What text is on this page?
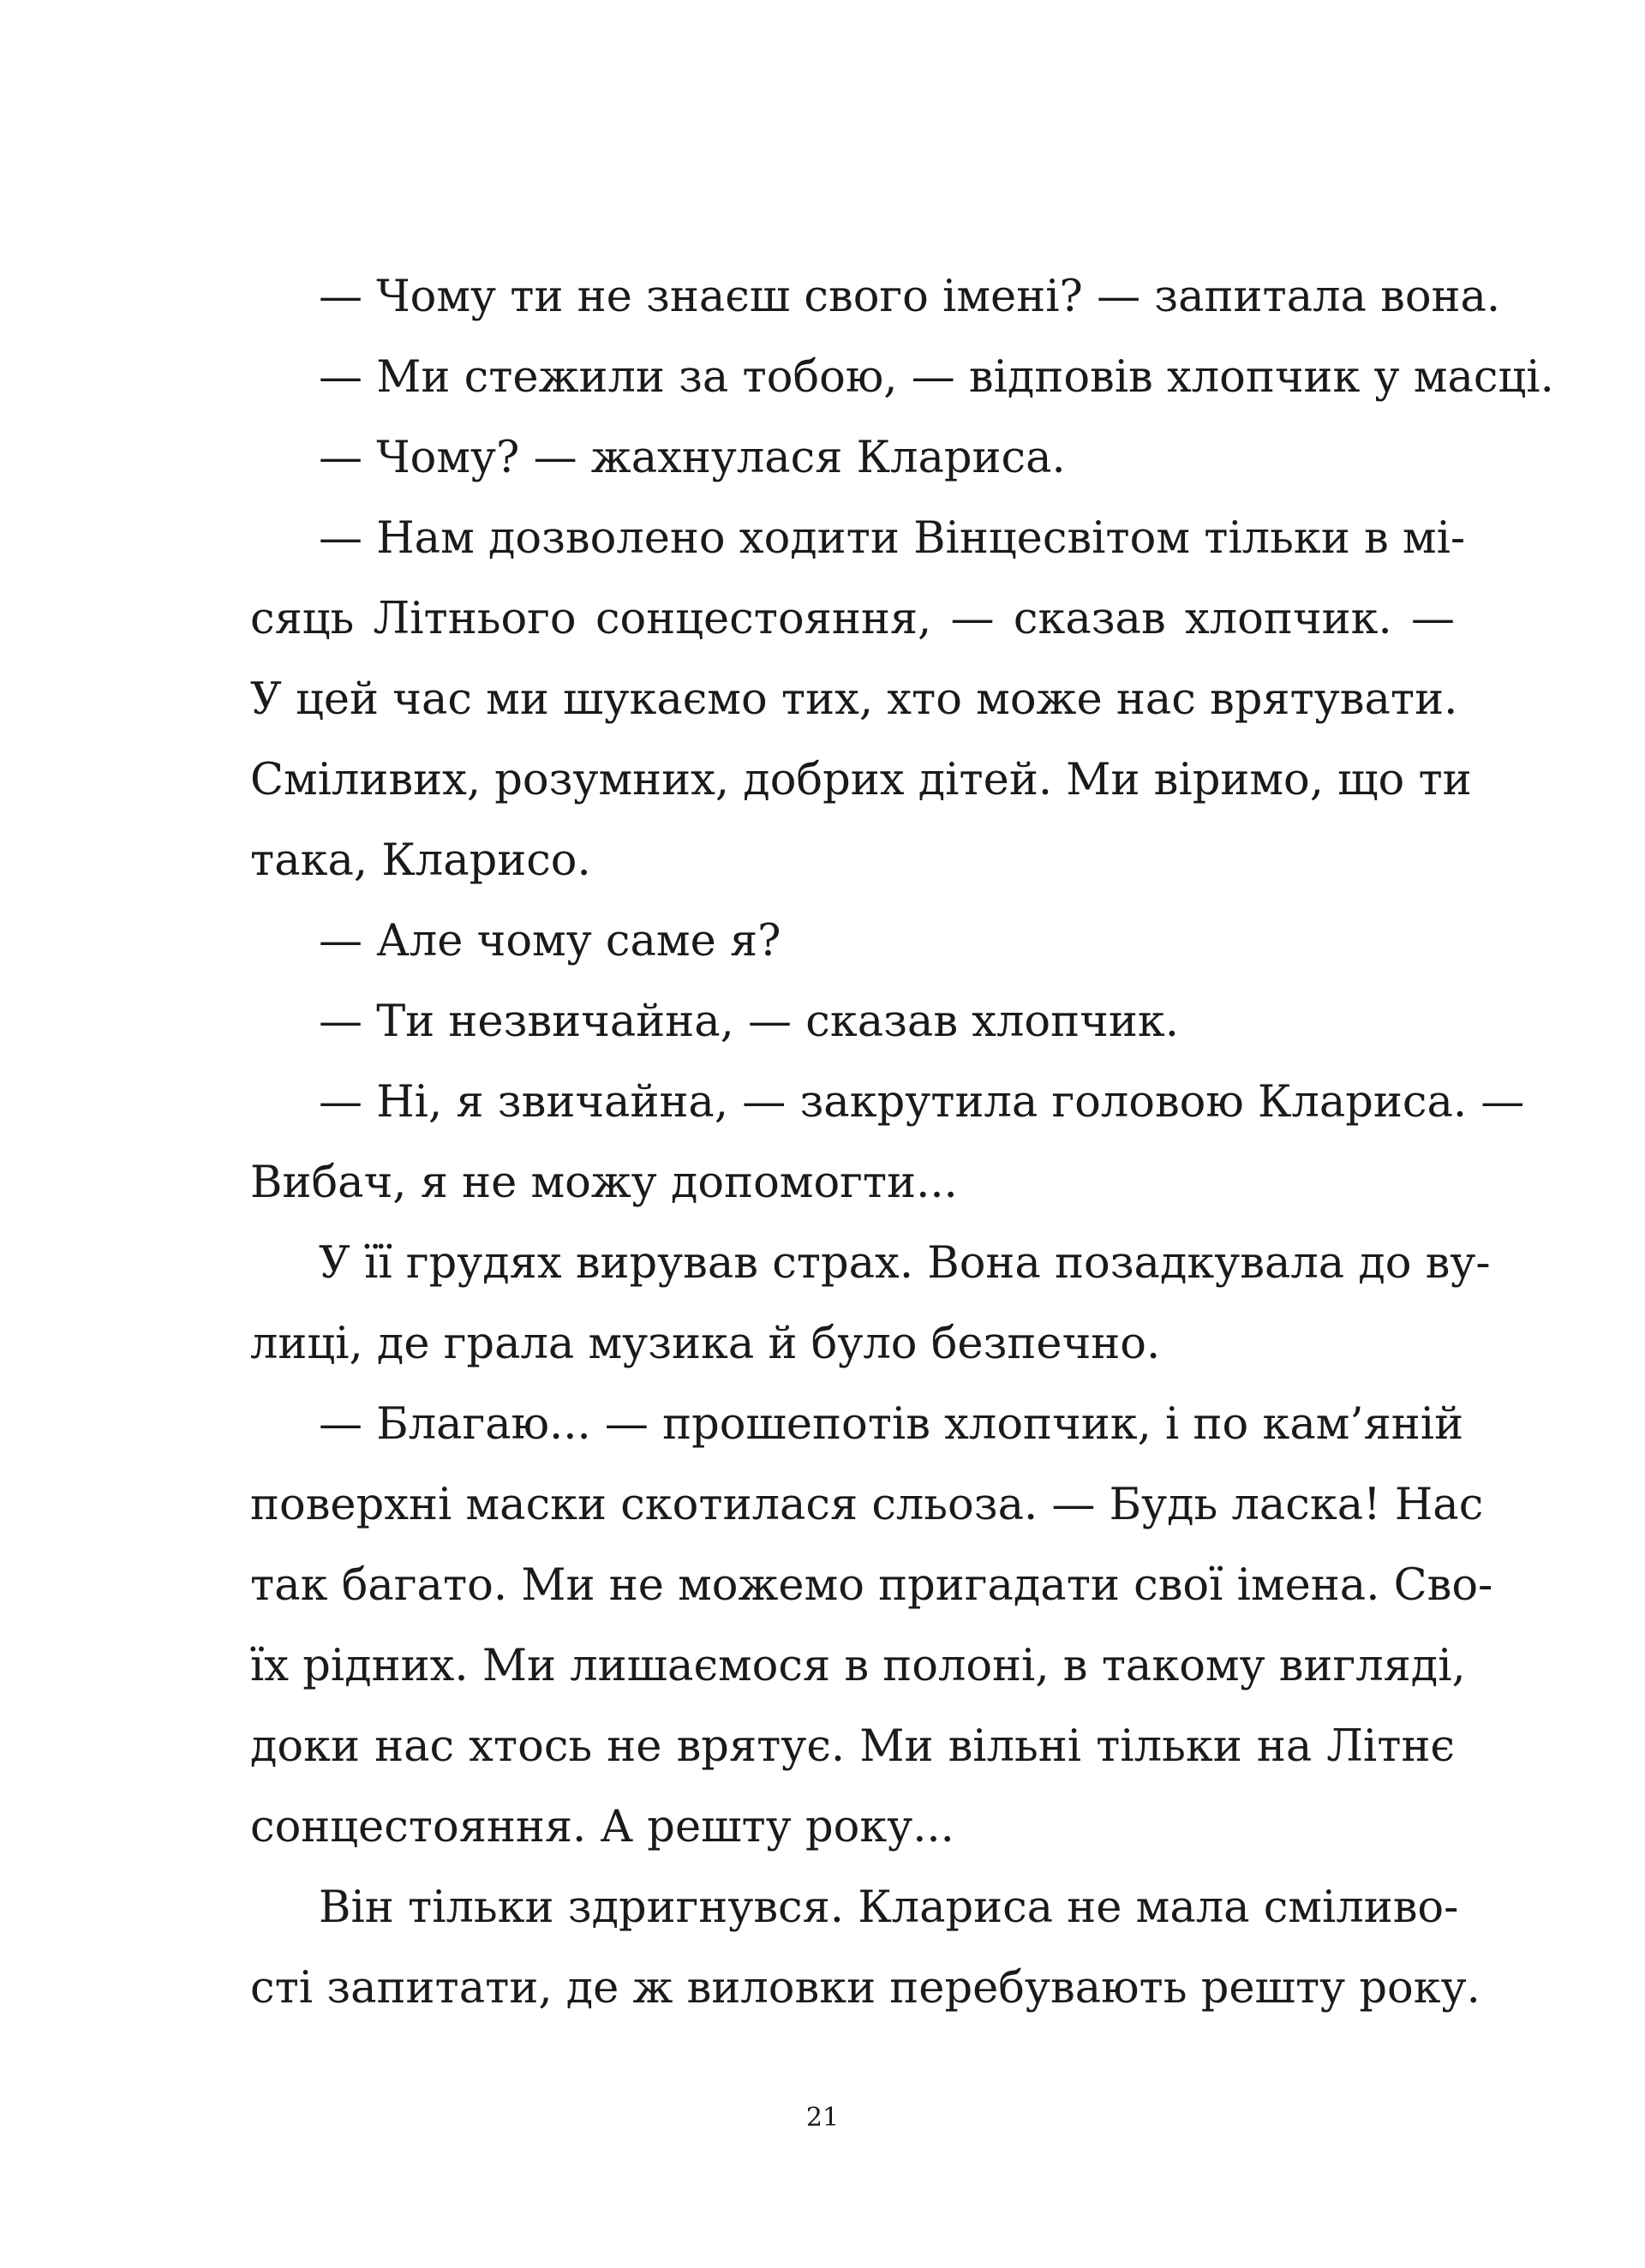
— Чому ти не знаєш свого імені? — запитала вона.
— Ми стежили за тобою, — відповів хлопчик у масці.
— Чому? — жахнулася Клариса.
— Нам дозволено ходити Вінцесвітом тільки в мі-
сяць Літнього сонцестояння, — сказав хлопчик. —
У цей час ми шукаємо тих, хто може нас врятувати.
Сміливих, розумних, добрих дітей. Ми віримо, що ти
така, Кларисо.
— Але чому саме я?
— Ти незвичайна, — сказав хлопчик.
— Ні, я звичайна, — закрутила головою Клариса. —
Вибач, я не можу допомогти...
У її грудях вирував страх. Вона позадкувала до ву-
лиці, де грала музика й було безпечно.
— Благаю... — прошепотів хлопчик, і по кам’яній
поверхні маски скотилася сльоза. — Будь ласка! Нас
так багато. Ми не можемо пригадати свої імена. Сво-
їх рідних. Ми лишаємося в полоні, в такому вигляді,
доки нас хтось не врятує. Ми вільні тільки на Літнє
сонцестояння. А решту року...
Він тільки здригнувся. Клариса не мала сміливо-
сті запитати, де ж виловки перебувають решту року.
21
